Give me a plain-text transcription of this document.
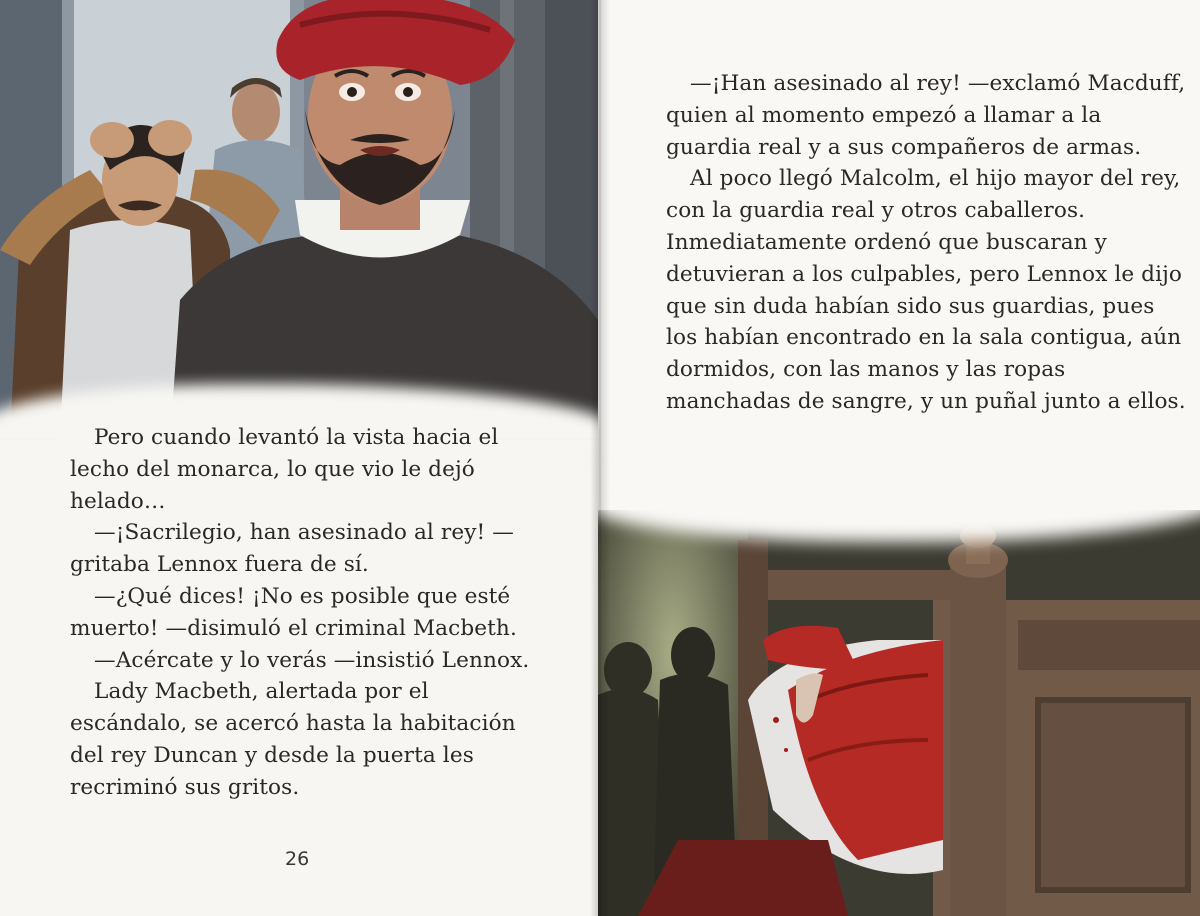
Pero cuando levantó la vista hacia el lecho del monarca, lo que vio le dejó helado…

—¡Sacrilegio, han asesinado al rey! —gritaba Lennox fuera de sí.

—¿Qué dices! ¡No es posible que esté muerto! —disimuló el criminal Macbeth.

—Acércate y lo verás —insistió Lennox.

Lady Macbeth, alertada por el escándalo, se acercó hasta la habitación del rey Duncan y desde la puerta les recriminó sus gritos.

26

—¡Han asesinado al rey! —exclamó Macduff, quien al momento empezó a llamar a la guardia real y a sus compañeros de armas.

Al poco llegó Malcolm, el hijo mayor del rey, con la guardia real y otros caballeros. Inmediatamente ordenó que buscaran y detuvieran a los culpables, pero Lennox le dijo que sin duda habían sido sus guardias, pues los habían encontrado en la sala contigua, aún dormidos, con las manos y las ropas manchadas de sangre, y un puñal junto a ellos.
